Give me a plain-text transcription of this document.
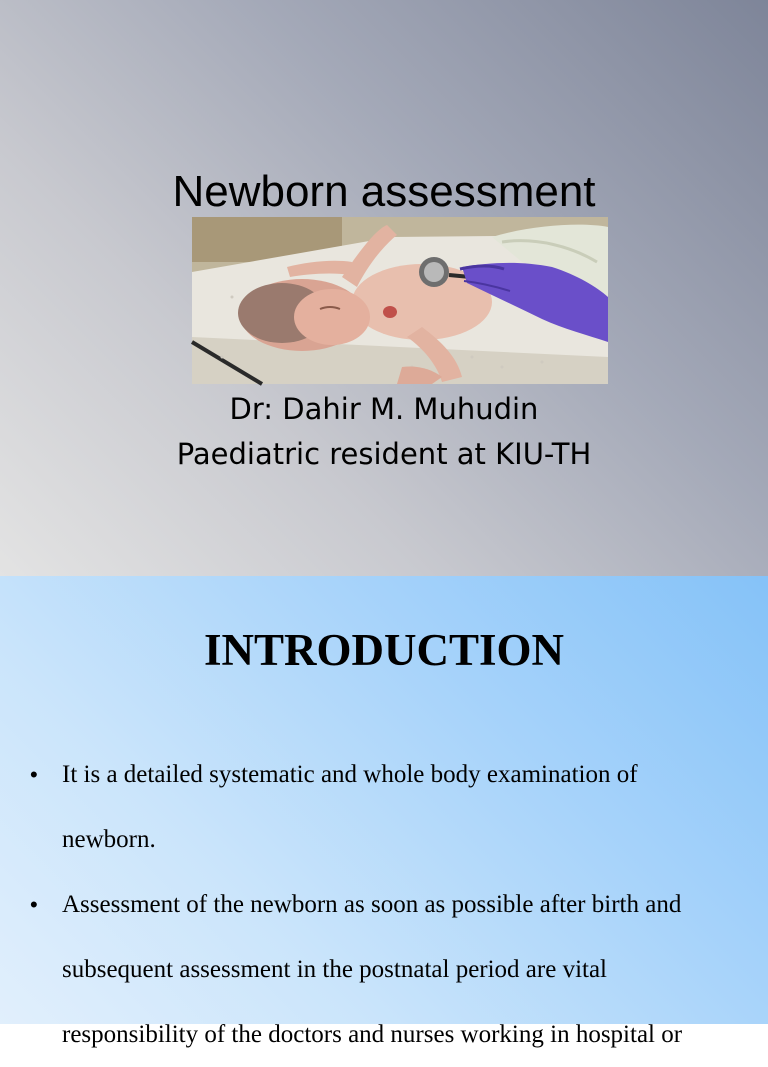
Newborn assessment
Dr: Dahir M. Muhudin
Paediatric resident at KIU-TH
INTRODUCTION
• It is a detailed systematic and whole body examination of newborn.
• Assessment of the newborn as soon as possible after birth and subsequent assessment in the postnatal period are vital responsibility of the doctors and nurses working in hospital or
